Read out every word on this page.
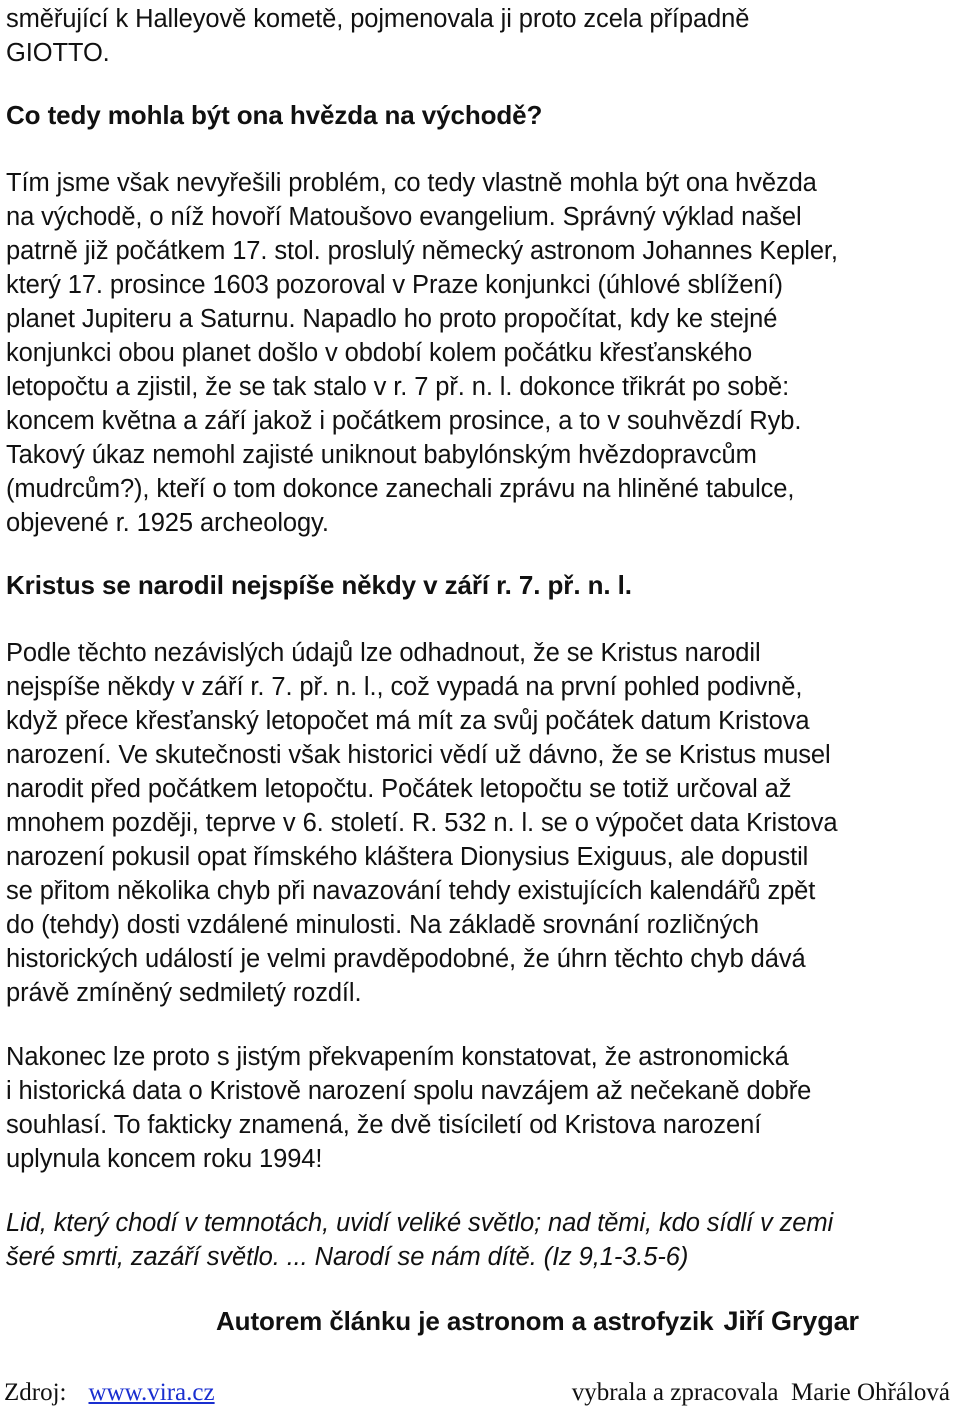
směřující k Halleyově kometě, pojmenovala ji proto zcela případně
GIOTTO.
Co tedy mohla být ona hvězda na východě?
Tím jsme však nevyřešili problém, co tedy vlastně mohla být ona hvězda
na východě, o níž hovoří Matoušovo evangelium. Správný výklad našel
patrně již počátkem 17. stol. proslulý německý astronom Johannes Kepler,
který 17. prosince 1603 pozoroval v Praze konjunkci (úhlové sblížení)
planet Jupiteru a Saturnu. Napadlo ho proto propočítat, kdy ke stejné
konjunkci obou planet došlo v období kolem počátku křesťanského
letopočtu a zjistil, že se tak stalo v r. 7 př. n. l. dokonce třikrát po sobě:
koncem května a září jakož i počátkem prosince, a to v souhvězdí Ryb.
Takový úkaz nemohl zajisté uniknout babylónským hvězdopravcům
(mudrcům?), kteří o tom dokonce zanechali zprávu na hliněné tabulce,
objevené r. 1925 archeology.
Kristus se narodil nejspíše někdy v září r. 7. př. n. l.
Podle těchto nezávislých údajů lze odhadnout, že se Kristus narodil
nejspíše někdy v září r. 7. př. n. l., což vypadá na první pohled podivně,
když přece křesťanský letopočet má mít za svůj počátek datum Kristova
narození. Ve skutečnosti však historici vědí už dávno, že se Kristus musel
narodit před počátkem letopočtu. Počátek letopočtu se totiž určoval až
mnohem později, teprve v 6. století. R. 532 n. l. se o výpočet data Kristova
narození pokusil opat římského kláštera Dionysius Exiguus, ale dopustil
se přitom několika chyb při navazování tehdy existujících kalendářů zpět
do (tehdy) dosti vzdálené minulosti. Na základě srovnání rozličných
historických událostí je velmi pravděpodobné, že úhrn těchto chyb dává
právě zmíněný sedmiletý rozdíl.
Nakonec lze proto s jistým překvapením konstatovat, že astronomická
i historická data o Kristově narození spolu navzájem až nečekaně dobře
souhlasí. To fakticky znamená, že dvě tisíciletí od Kristova narození
uplynula koncem roku 1994!
Lid, který chodí v temnotách, uvidí veliké světlo; nad těmi, kdo sídlí v zemi
šeré smrti, zazáří světlo. ... Narodí se nám dítě. (Iz 9,1-3.5-6)
Autorem článku je astronom a astrofyzik Jiří Grygar
Zdroj: www.vira.cz	vybrala a zpracovala  Marie Ohřálová
